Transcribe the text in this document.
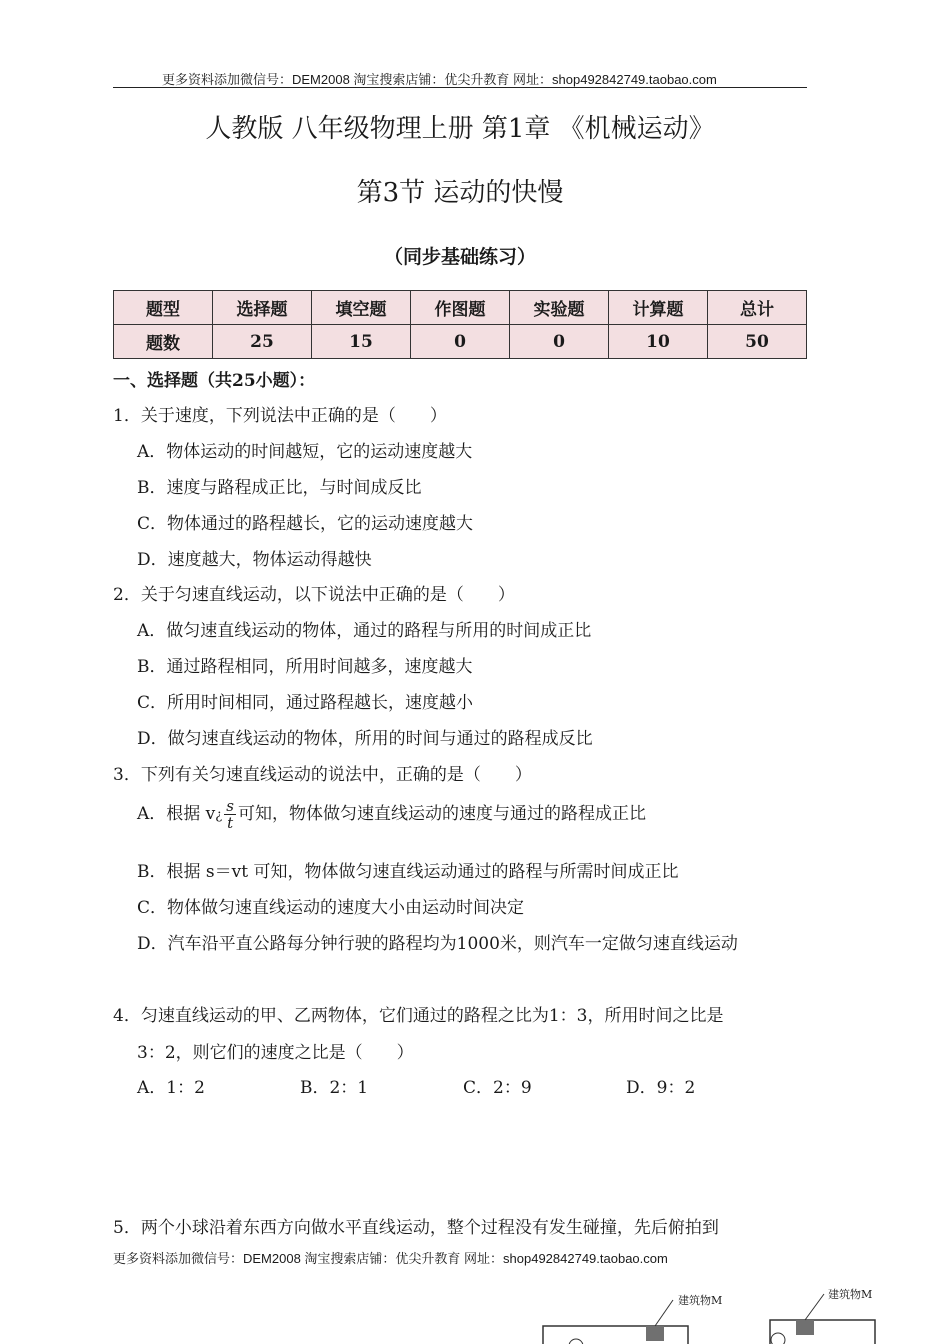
更多资料添加微信号：DEM2008 淘宝搜索店铺：优尖升教育 网址：shop492842749.taobao.com
人教版 八年级物理上册 第1章 《机械运动》
第3节 运动的快慢
（同步基础练习）
题型	选择题	填空题	作图题	实验题	计算题	总计
题数	25	15	0	0	10	50
一、选择题（共25小题）：
1．关于速度，下列说法中正确的是（　　）
A．物体运动的时间越短，它的运动速度越大
B．速度与路程成正比，与时间成反比
C．物体通过的路程越长，它的运动速度越大
D．速度越大，物体运动得越快
2．关于匀速直线运动，以下说法中正确的是（　　）
A．做匀速直线运动的物体，通过的路程与所用的时间成正比
B．通过路程相同，所用时间越多，速度越大
C．所用时间相同，通过路程越长，速度越小
D．做匀速直线运动的物体，所用的时间与通过的路程成反比
3．下列有关匀速直线运动的说法中，正确的是（　　）
A．根据 v¿ $\frac{s}{t}$ 可知，物体做匀速直线运动的速度与通过的路程成正比
B．根据 s＝vt 可知，物体做匀速直线运动通过的路程与所需时间成正比
C．物体做匀速直线运动的速度大小由运动时间决定
D．汽车沿平直公路每分钟行驶的路程均为1000米，则汽车一定做匀速直线运动
4．匀速直线运动的甲、乙两物体，它们通过的路程之比为1：3，所用时间之比是
3：2，则它们的速度之比是（　　）
A．1：2	B．2：1	C．2：9	D．9：2
5．两个小球沿着东西方向做水平直线运动，整个过程没有发生碰撞，先后俯拍到
更多资料添加微信号：DEM2008 淘宝搜索店铺：优尖升教育 网址：shop492842749.taobao.com
建筑物M	建筑物M
